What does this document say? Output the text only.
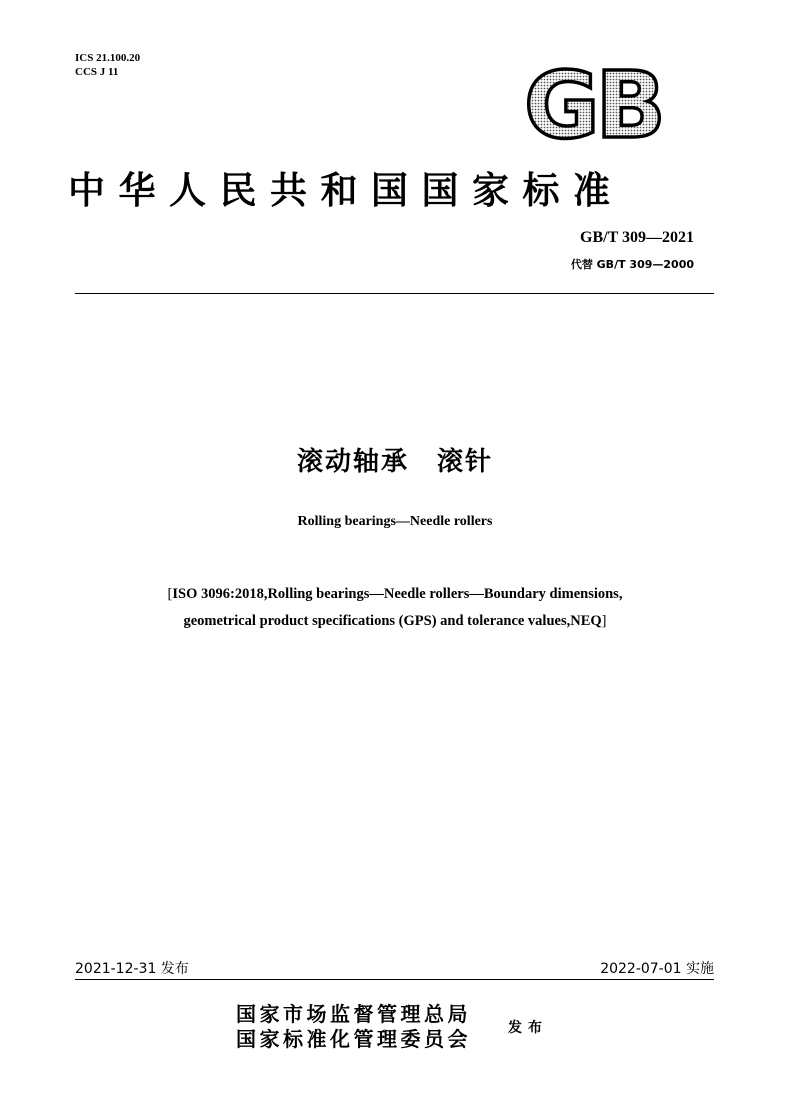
ICS 21.100.20
CCS J 11	GB
中华人民共和国国家标准
GB/T 309—2021
代替 GB/T 309—2000
滚动轴承　滚针
Rolling bearings—Needle rollers
[ISO 3096:2018,Rolling bearings—Needle rollers—Boundary dimensions,
geometrical product specifications (GPS) and tolerance values,NEQ]
2021-12-31 发布	2022-07-01 实施
国家市场监督管理总局
国家标准化管理委员会	发布
